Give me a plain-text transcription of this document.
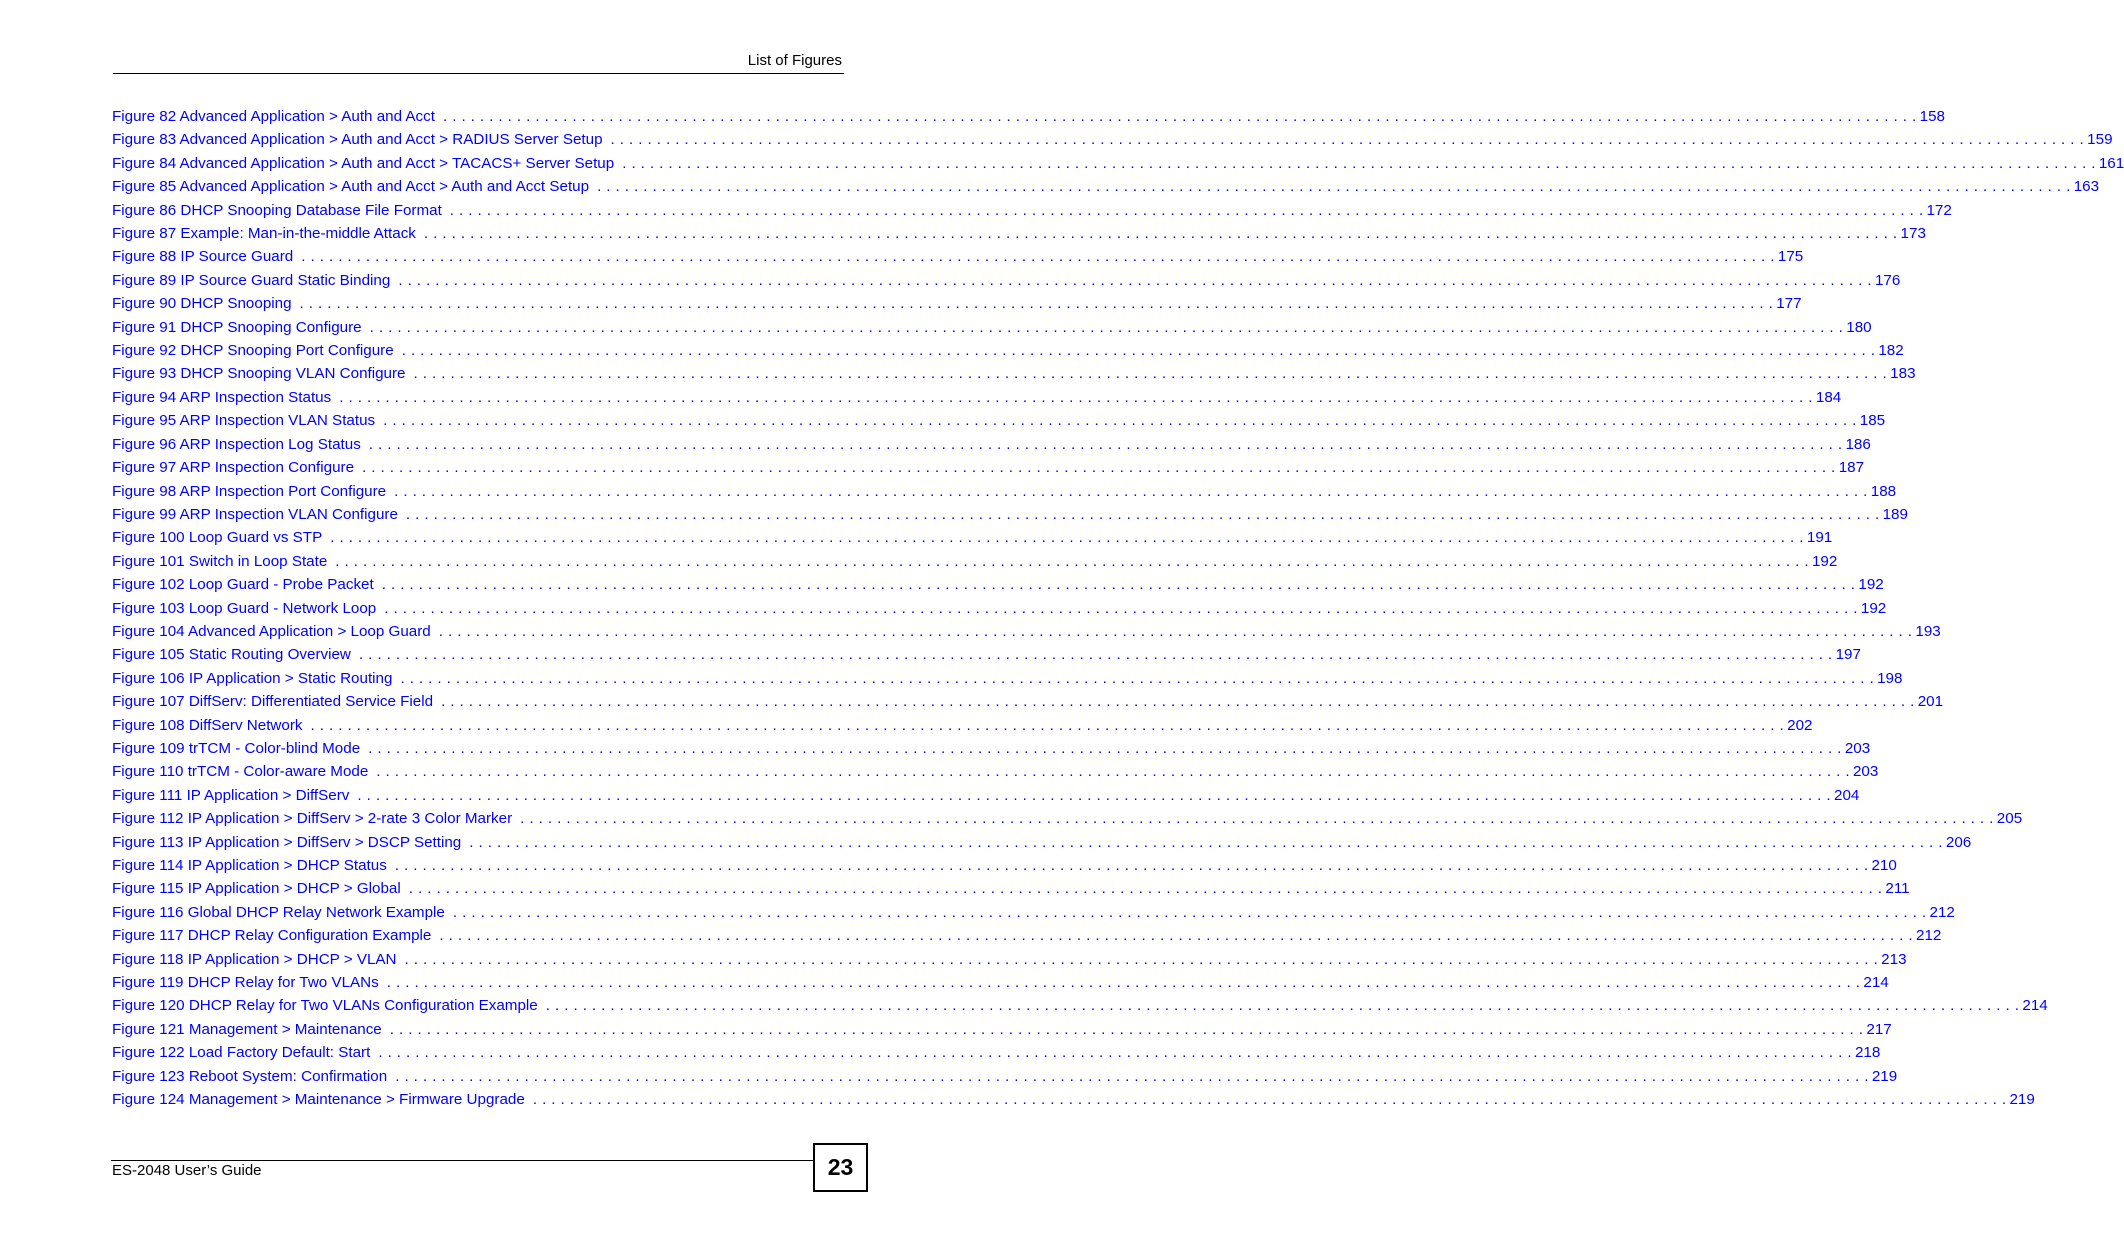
List of Figures
Figure 82 Advanced Application > Auth and Acct . . . . . . . . . . . . . . . . . . . . . . . . . . . . . . . . . . . . . . . . . . . . . . . . . . . . . . . . . . . . . . . . . . . . . . . . . . . . . . . . . . . . . . . . . . . . . . . . . . . . . . . . . . . . . . . . . . . . . . . . . . . . . . . . . . . . . . . . . . . . . . . . . . . . . . . . . . . . . . . . 158
Figure 83 Advanced Application > Auth and Acct > RADIUS Server Setup . . . . . . . . . . . . . . . . . . . . . . . . . . . . . . . . . . . . . . . . . . . . . . . . . . . . . . . . . . . . . . . . . . . . . . . . . . . . . . . . . . . . . . . . . . . . . . . . . . . . . . . . . . . . . . . . . . . . . . . . . . . . . . . . . . . . . . . . . . . . . . . . . . . . . . . . . . . . . . . . 159
Figure 84 Advanced Application > Auth and Acct > TACACS+ Server Setup . . . . . . . . . . . . . . . . . . . . . . . . . . . . . . . . . . . . . . . . . . . . . . . . . . . . . . . . . . . . . . . . . . . . . . . . . . . . . . . . . . . . . . . . . . . . . . . . . . . . . . . . . . . . . . . . . . . . . . . . . . . . . . . . . . . . . . . . . . . . . . . . . . . . . . . . . . . . . . . . 161
Figure 85 Advanced Application > Auth and Acct > Auth and Acct Setup . . . . . . . . . . . . . . . . . . . . . . . . . . . . . . . . . . . . . . . . . . . . . . . . . . . . . . . . . . . . . . . . . . . . . . . . . . . . . . . . . . . . . . . . . . . . . . . . . . . . . . . . . . . . . . . . . . . . . . . . . . . . . . . . . . . . . . . . . . . . . . . . . . . . . . . . . . . . . . . . 163
Figure 86 DHCP Snooping Database File Format . . . . . . . . . . . . . . . . . . . . . . . . . . . . . . . . . . . . . . . . . . . . . . . . . . . . . . . . . . . . . . . . . . . . . . . . . . . . . . . . . . . . . . . . . . . . . . . . . . . . . . . . . . . . . . . . . . . . . . . . . . . . . . . . . . . . . . . . . . . . . . . . . . . . . . . . . . . . . . . . 172
Figure 87 Example: Man-in-the-middle Attack . . . . . . . . . . . . . . . . . . . . . . . . . . . . . . . . . . . . . . . . . . . . . . . . . . . . . . . . . . . . . . . . . . . . . . . . . . . . . . . . . . . . . . . . . . . . . . . . . . . . . . . . . . . . . . . . . . . . . . . . . . . . . . . . . . . . . . . . . . . . . . . . . . . . . . . . . . . . . . . . 173
Figure 88 IP Source Guard . . . . . . . . . . . . . . . . . . . . . . . . . . . . . . . . . . . . . . . . . . . . . . . . . . . . . . . . . . . . . . . . . . . . . . . . . . . . . . . . . . . . . . . . . . . . . . . . . . . . . . . . . . . . . . . . . . . . . . . . . . . . . . . . . . . . . . . . . . . . . . . . . . . . . . . . . . . . . . . . 175
Figure 89 IP Source Guard Static Binding . . . . . . . . . . . . . . . . . . . . . . . . . . . . . . . . . . . . . . . . . . . . . . . . . . . . . . . . . . . . . . . . . . . . . . . . . . . . . . . . . . . . . . . . . . . . . . . . . . . . . . . . . . . . . . . . . . . . . . . . . . . . . . . . . . . . . . . . . . . . . . . . . . . . . . . . . . . . . . . . 176
Figure 90 DHCP Snooping . . . . . . . . . . . . . . . . . . . . . . . . . . . . . . . . . . . . . . . . . . . . . . . . . . . . . . . . . . . . . . . . . . . . . . . . . . . . . . . . . . . . . . . . . . . . . . . . . . . . . . . . . . . . . . . . . . . . . . . . . . . . . . . . . . . . . . . . . . . . . . . . . . . . . . . . . . . . . . . . 177
Figure 91 DHCP Snooping Configure . . . . . . . . . . . . . . . . . . . . . . . . . . . . . . . . . . . . . . . . . . . . . . . . . . . . . . . . . . . . . . . . . . . . . . . . . . . . . . . . . . . . . . . . . . . . . . . . . . . . . . . . . . . . . . . . . . . . . . . . . . . . . . . . . . . . . . . . . . . . . . . . . . . . . . . . . . . . . . . . 180
Figure 92 DHCP Snooping Port Configure . . . . . . . . . . . . . . . . . . . . . . . . . . . . . . . . . . . . . . . . . . . . . . . . . . . . . . . . . . . . . . . . . . . . . . . . . . . . . . . . . . . . . . . . . . . . . . . . . . . . . . . . . . . . . . . . . . . . . . . . . . . . . . . . . . . . . . . . . . . . . . . . . . . . . . . . . . . . . . . . 182
Figure 93 DHCP Snooping VLAN Configure . . . . . . . . . . . . . . . . . . . . . . . . . . . . . . . . . . . . . . . . . . . . . . . . . . . . . . . . . . . . . . . . . . . . . . . . . . . . . . . . . . . . . . . . . . . . . . . . . . . . . . . . . . . . . . . . . . . . . . . . . . . . . . . . . . . . . . . . . . . . . . . . . . . . . . . . . . . . . . . . 183
Figure 94 ARP Inspection Status . . . . . . . . . . . . . . . . . . . . . . . . . . . . . . . . . . . . . . . . . . . . . . . . . . . . . . . . . . . . . . . . . . . . . . . . . . . . . . . . . . . . . . . . . . . . . . . . . . . . . . . . . . . . . . . . . . . . . . . . . . . . . . . . . . . . . . . . . . . . . . . . . . . . . . . . . . . . . . . . 184
Figure 95 ARP Inspection VLAN Status . . . . . . . . . . . . . . . . . . . . . . . . . . . . . . . . . . . . . . . . . . . . . . . . . . . . . . . . . . . . . . . . . . . . . . . . . . . . . . . . . . . . . . . . . . . . . . . . . . . . . . . . . . . . . . . . . . . . . . . . . . . . . . . . . . . . . . . . . . . . . . . . . . . . . . . . . . . . . . . . 185
Figure 96 ARP Inspection Log Status . . . . . . . . . . . . . . . . . . . . . . . . . . . . . . . . . . . . . . . . . . . . . . . . . . . . . . . . . . . . . . . . . . . . . . . . . . . . . . . . . . . . . . . . . . . . . . . . . . . . . . . . . . . . . . . . . . . . . . . . . . . . . . . . . . . . . . . . . . . . . . . . . . . . . . . . . . . . . . . . 186
Figure 97 ARP Inspection Configure . . . . . . . . . . . . . . . . . . . . . . . . . . . . . . . . . . . . . . . . . . . . . . . . . . . . . . . . . . . . . . . . . . . . . . . . . . . . . . . . . . . . . . . . . . . . . . . . . . . . . . . . . . . . . . . . . . . . . . . . . . . . . . . . . . . . . . . . . . . . . . . . . . . . . . . . . . . . . . . . 187
Figure 98 ARP Inspection Port Configure . . . . . . . . . . . . . . . . . . . . . . . . . . . . . . . . . . . . . . . . . . . . . . . . . . . . . . . . . . . . . . . . . . . . . . . . . . . . . . . . . . . . . . . . . . . . . . . . . . . . . . . . . . . . . . . . . . . . . . . . . . . . . . . . . . . . . . . . . . . . . . . . . . . . . . . . . . . . . . . . 188
Figure 99 ARP Inspection VLAN Configure . . . . . . . . . . . . . . . . . . . . . . . . . . . . . . . . . . . . . . . . . . . . . . . . . . . . . . . . . . . . . . . . . . . . . . . . . . . . . . . . . . . . . . . . . . . . . . . . . . . . . . . . . . . . . . . . . . . . . . . . . . . . . . . . . . . . . . . . . . . . . . . . . . . . . . . . . . . . . . . . 189
Figure 100 Loop Guard vs STP . . . . . . . . . . . . . . . . . . . . . . . . . . . . . . . . . . . . . . . . . . . . . . . . . . . . . . . . . . . . . . . . . . . . . . . . . . . . . . . . . . . . . . . . . . . . . . . . . . . . . . . . . . . . . . . . . . . . . . . . . . . . . . . . . . . . . . . . . . . . . . . . . . . . . . . . . . . . . . . . 191
Figure 101 Switch in Loop State . . . . . . . . . . . . . . . . . . . . . . . . . . . . . . . . . . . . . . . . . . . . . . . . . . . . . . . . . . . . . . . . . . . . . . . . . . . . . . . . . . . . . . . . . . . . . . . . . . . . . . . . . . . . . . . . . . . . . . . . . . . . . . . . . . . . . . . . . . . . . . . . . . . . . . . . . . . . . . . . 192
Figure 102 Loop Guard - Probe Packet . . . . . . . . . . . . . . . . . . . . . . . . . . . . . . . . . . . . . . . . . . . . . . . . . . . . . . . . . . . . . . . . . . . . . . . . . . . . . . . . . . . . . . . . . . . . . . . . . . . . . . . . . . . . . . . . . . . . . . . . . . . . . . . . . . . . . . . . . . . . . . . . . . . . . . . . . . . . . . . . 192
Figure 103 Loop Guard - Network Loop . . . . . . . . . . . . . . . . . . . . . . . . . . . . . . . . . . . . . . . . . . . . . . . . . . . . . . . . . . . . . . . . . . . . . . . . . . . . . . . . . . . . . . . . . . . . . . . . . . . . . . . . . . . . . . . . . . . . . . . . . . . . . . . . . . . . . . . . . . . . . . . . . . . . . . . . . . . . . . . . 192
Figure 104 Advanced Application > Loop Guard . . . . . . . . . . . . . . . . . . . . . . . . . . . . . . . . . . . . . . . . . . . . . . . . . . . . . . . . . . . . . . . . . . . . . . . . . . . . . . . . . . . . . . . . . . . . . . . . . . . . . . . . . . . . . . . . . . . . . . . . . . . . . . . . . . . . . . . . . . . . . . . . . . . . . . . . . . . . . . . . 193
Figure 105 Static Routing Overview . . . . . . . . . . . . . . . . . . . . . . . . . . . . . . . . . . . . . . . . . . . . . . . . . . . . . . . . . . . . . . . . . . . . . . . . . . . . . . . . . . . . . . . . . . . . . . . . . . . . . . . . . . . . . . . . . . . . . . . . . . . . . . . . . . . . . . . . . . . . . . . . . . . . . . . . . . . . . . . . 197
Figure 106 IP Application > Static Routing . . . . . . . . . . . . . . . . . . . . . . . . . . . . . . . . . . . . . . . . . . . . . . . . . . . . . . . . . . . . . . . . . . . . . . . . . . . . . . . . . . . . . . . . . . . . . . . . . . . . . . . . . . . . . . . . . . . . . . . . . . . . . . . . . . . . . . . . . . . . . . . . . . . . . . . . . . . . . . . . 198
Figure 107 DiffServ: Differentiated Service Field . . . . . . . . . . . . . . . . . . . . . . . . . . . . . . . . . . . . . . . . . . . . . . . . . . . . . . . . . . . . . . . . . . . . . . . . . . . . . . . . . . . . . . . . . . . . . . . . . . . . . . . . . . . . . . . . . . . . . . . . . . . . . . . . . . . . . . . . . . . . . . . . . . . . . . . . . . . . . . . . 201
Figure 108 DiffServ Network . . . . . . . . . . . . . . . . . . . . . . . . . . . . . . . . . . . . . . . . . . . . . . . . . . . . . . . . . . . . . . . . . . . . . . . . . . . . . . . . . . . . . . . . . . . . . . . . . . . . . . . . . . . . . . . . . . . . . . . . . . . . . . . . . . . . . . . . . . . . . . . . . . . . . . . . . . . . . . . . 202
Figure 109 trTCM - Color-blind Mode . . . . . . . . . . . . . . . . . . . . . . . . . . . . . . . . . . . . . . . . . . . . . . . . . . . . . . . . . . . . . . . . . . . . . . . . . . . . . . . . . . . . . . . . . . . . . . . . . . . . . . . . . . . . . . . . . . . . . . . . . . . . . . . . . . . . . . . . . . . . . . . . . . . . . . . . . . . . . . . . 203
Figure 110 trTCM - Color-aware Mode . . . . . . . . . . . . . . . . . . . . . . . . . . . . . . . . . . . . . . . . . . . . . . . . . . . . . . . . . . . . . . . . . . . . . . . . . . . . . . . . . . . . . . . . . . . . . . . . . . . . . . . . . . . . . . . . . . . . . . . . . . . . . . . . . . . . . . . . . . . . . . . . . . . . . . . . . . . . . . . . 203
Figure 111 IP Application > DiffServ . . . . . . . . . . . . . . . . . . . . . . . . . . . . . . . . . . . . . . . . . . . . . . . . . . . . . . . . . . . . . . . . . . . . . . . . . . . . . . . . . . . . . . . . . . . . . . . . . . . . . . . . . . . . . . . . . . . . . . . . . . . . . . . . . . . . . . . . . . . . . . . . . . . . . . . . . . . . . . . . 204
Figure 112 IP Application > DiffServ > 2-rate 3 Color Marker . . . . . . . . . . . . . . . . . . . . . . . . . . . . . . . . . . . . . . . . . . . . . . . . . . . . . . . . . . . . . . . . . . . . . . . . . . . . . . . . . . . . . . . . . . . . . . . . . . . . . . . . . . . . . . . . . . . . . . . . . . . . . . . . . . . . . . . . . . . . . . . . . . . . . . . . . . . . . . . . 205
Figure 113 IP Application > DiffServ > DSCP Setting . . . . . . . . . . . . . . . . . . . . . . . . . . . . . . . . . . . . . . . . . . . . . . . . . . . . . . . . . . . . . . . . . . . . . . . . . . . . . . . . . . . . . . . . . . . . . . . . . . . . . . . . . . . . . . . . . . . . . . . . . . . . . . . . . . . . . . . . . . . . . . . . . . . . . . . . . . . . . . . . 206
Figure 114 IP Application > DHCP Status . . . . . . . . . . . . . . . . . . . . . . . . . . . . . . . . . . . . . . . . . . . . . . . . . . . . . . . . . . . . . . . . . . . . . . . . . . . . . . . . . . . . . . . . . . . . . . . . . . . . . . . . . . . . . . . . . . . . . . . . . . . . . . . . . . . . . . . . . . . . . . . . . . . . . . . . . . . . . . . . 210
Figure 115 IP Application > DHCP > Global . . . . . . . . . . . . . . . . . . . . . . . . . . . . . . . . . . . . . . . . . . . . . . . . . . . . . . . . . . . . . . . . . . . . . . . . . . . . . . . . . . . . . . . . . . . . . . . . . . . . . . . . . . . . . . . . . . . . . . . . . . . . . . . . . . . . . . . . . . . . . . . . . . . . . . . . . . . . . . . . 211
Figure 116 Global DHCP Relay Network Example . . . . . . . . . . . . . . . . . . . . . . . . . . . . . . . . . . . . . . . . . . . . . . . . . . . . . . . . . . . . . . . . . . . . . . . . . . . . . . . . . . . . . . . . . . . . . . . . . . . . . . . . . . . . . . . . . . . . . . . . . . . . . . . . . . . . . . . . . . . . . . . . . . . . . . . . . . . . . . . . 212
Figure 117 DHCP Relay Configuration Example . . . . . . . . . . . . . . . . . . . . . . . . . . . . . . . . . . . . . . . . . . . . . . . . . . . . . . . . . . . . . . . . . . . . . . . . . . . . . . . . . . . . . . . . . . . . . . . . . . . . . . . . . . . . . . . . . . . . . . . . . . . . . . . . . . . . . . . . . . . . . . . . . . . . . . . . . . . . . . . . 212
Figure 118 IP Application > DHCP > VLAN . . . . . . . . . . . . . . . . . . . . . . . . . . . . . . . . . . . . . . . . . . . . . . . . . . . . . . . . . . . . . . . . . . . . . . . . . . . . . . . . . . . . . . . . . . . . . . . . . . . . . . . . . . . . . . . . . . . . . . . . . . . . . . . . . . . . . . . . . . . . . . . . . . . . . . . . . . . . . . . . 213
Figure 119 DHCP Relay for Two VLANs . . . . . . . . . . . . . . . . . . . . . . . . . . . . . . . . . . . . . . . . . . . . . . . . . . . . . . . . . . . . . . . . . . . . . . . . . . . . . . . . . . . . . . . . . . . . . . . . . . . . . . . . . . . . . . . . . . . . . . . . . . . . . . . . . . . . . . . . . . . . . . . . . . . . . . . . . . . . . . . . 214
Figure 120 DHCP Relay for Two VLANs Configuration Example . . . . . . . . . . . . . . . . . . . . . . . . . . . . . . . . . . . . . . . . . . . . . . . . . . . . . . . . . . . . . . . . . . . . . . . . . . . . . . . . . . . . . . . . . . . . . . . . . . . . . . . . . . . . . . . . . . . . . . . . . . . . . . . . . . . . . . . . . . . . . . . . . . . . . . . . . . . . . . . . 214
Figure 121 Management > Maintenance . . . . . . . . . . . . . . . . . . . . . . . . . . . . . . . . . . . . . . . . . . . . . . . . . . . . . . . . . . . . . . . . . . . . . . . . . . . . . . . . . . . . . . . . . . . . . . . . . . . . . . . . . . . . . . . . . . . . . . . . . . . . . . . . . . . . . . . . . . . . . . . . . . . . . . . . . . . . . . . . 217
Figure 122 Load Factory Default: Start . . . . . . . . . . . . . . . . . . . . . . . . . . . . . . . . . . . . . . . . . . . . . . . . . . . . . . . . . . . . . . . . . . . . . . . . . . . . . . . . . . . . . . . . . . . . . . . . . . . . . . . . . . . . . . . . . . . . . . . . . . . . . . . . . . . . . . . . . . . . . . . . . . . . . . . . . . . . . . . . 218
Figure 123 Reboot System: Confirmation . . . . . . . . . . . . . . . . . . . . . . . . . . . . . . . . . . . . . . . . . . . . . . . . . . . . . . . . . . . . . . . . . . . . . . . . . . . . . . . . . . . . . . . . . . . . . . . . . . . . . . . . . . . . . . . . . . . . . . . . . . . . . . . . . . . . . . . . . . . . . . . . . . . . . . . . . . . . . . . . 219
Figure 124 Management > Maintenance > Firmware Upgrade . . . . . . . . . . . . . . . . . . . . . . . . . . . . . . . . . . . . . . . . . . . . . . . . . . . . . . . . . . . . . . . . . . . . . . . . . . . . . . . . . . . . . . . . . . . . . . . . . . . . . . . . . . . . . . . . . . . . . . . . . . . . . . . . . . . . . . . . . . . . . . . . . . . . . . . . . . . . . . . . 219
ES-2048 User’s Guide	23
